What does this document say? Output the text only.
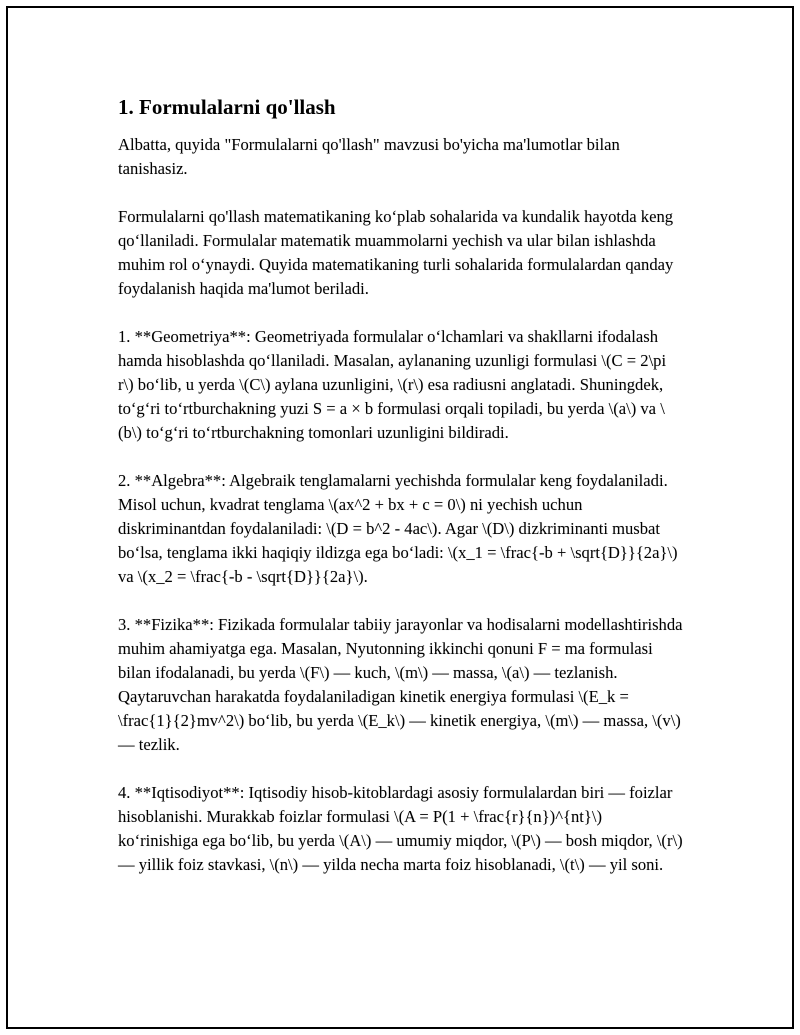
1. Formulalarni qo'llash

Albatta, quyida "Formulalarni qo'llash" mavzusi bo'yicha ma'lumotlar bilan tanishasiz.

Formulalarni qo'llash matematikaning ko‘plab sohalarida va kundalik hayotda keng qo‘llaniladi. Formulalar matematik muammolarni yechish va ular bilan ishlashda muhim rol o‘ynaydi. Quyida matematikaning turli sohalarida formulalardan qanday foydalanish haqida ma'lumot beriladi.

1. **Geometriya**: Geometriyada formulalar o‘lchamlari va shakllarni ifodalash hamda hisoblashda qo‘llaniladi. Masalan, aylananing uzunligi formulasi \(C = 2\pi r\) bo‘lib, u yerda \(C\) aylana uzunligini, \(r\) esa radiusni anglatadi. Shuningdek, to‘g‘ri to‘rtburchakning yuzi S = a × b formulasi orqali topiladi, bu yerda \(a\) va \(b\) to‘g‘ri to‘rtburchakning tomonlari uzunligini bildiradi.

2. **Algebra**: Algebraik tenglamalarni yechishda formulalar keng foydalaniladi. Misol uchun, kvadrat tenglama \(ax^2 + bx + c = 0\) ni yechish uchun diskriminantdan foydalaniladi: \(D = b^2 - 4ac\). Agar \(D\) dizkriminanti musbat bo‘lsa, tenglama ikki haqiqiy ildizga ega bo‘ladi: \(x_1 = \frac{-b + \sqrt{D}}{2a}\) va \(x_2 = \frac{-b - \sqrt{D}}{2a}\).

3. **Fizika**: Fizikada formulalar tabiiy jarayonlar va hodisalarni modellashtirishda muhim ahamiyatga ega. Masalan, Nyutonning ikkinchi qonuni F = ma formulasi bilan ifodalanadi, bu yerda \(F\) — kuch, \(m\) — massa, \(a\) — tezlanish. Qaytaruvchan harakatda foydalaniladigan kinetik energiya formulasi \(E_k = \frac{1}{2}mv^2\) bo‘lib, bu yerda \(E_k\) — kinetik energiya, \(m\) — massa, \(v\) — tezlik.

4. **Iqtisodiyot**: Iqtisodiy hisob-kitoblardagi asosiy formulalardan biri — foizlar hisoblanishi. Murakkab foizlar formulasi \(A = P(1 + \frac{r}{n})^{nt}\) ko‘rinishiga ega bo‘lib, bu yerda \(A\) — umumiy miqdor, \(P\) — bosh miqdor, \(r\) — yillik foiz stavkasi, \(n\) — yilda necha marta foiz hisoblanadi, \(t\) — yil soni.
